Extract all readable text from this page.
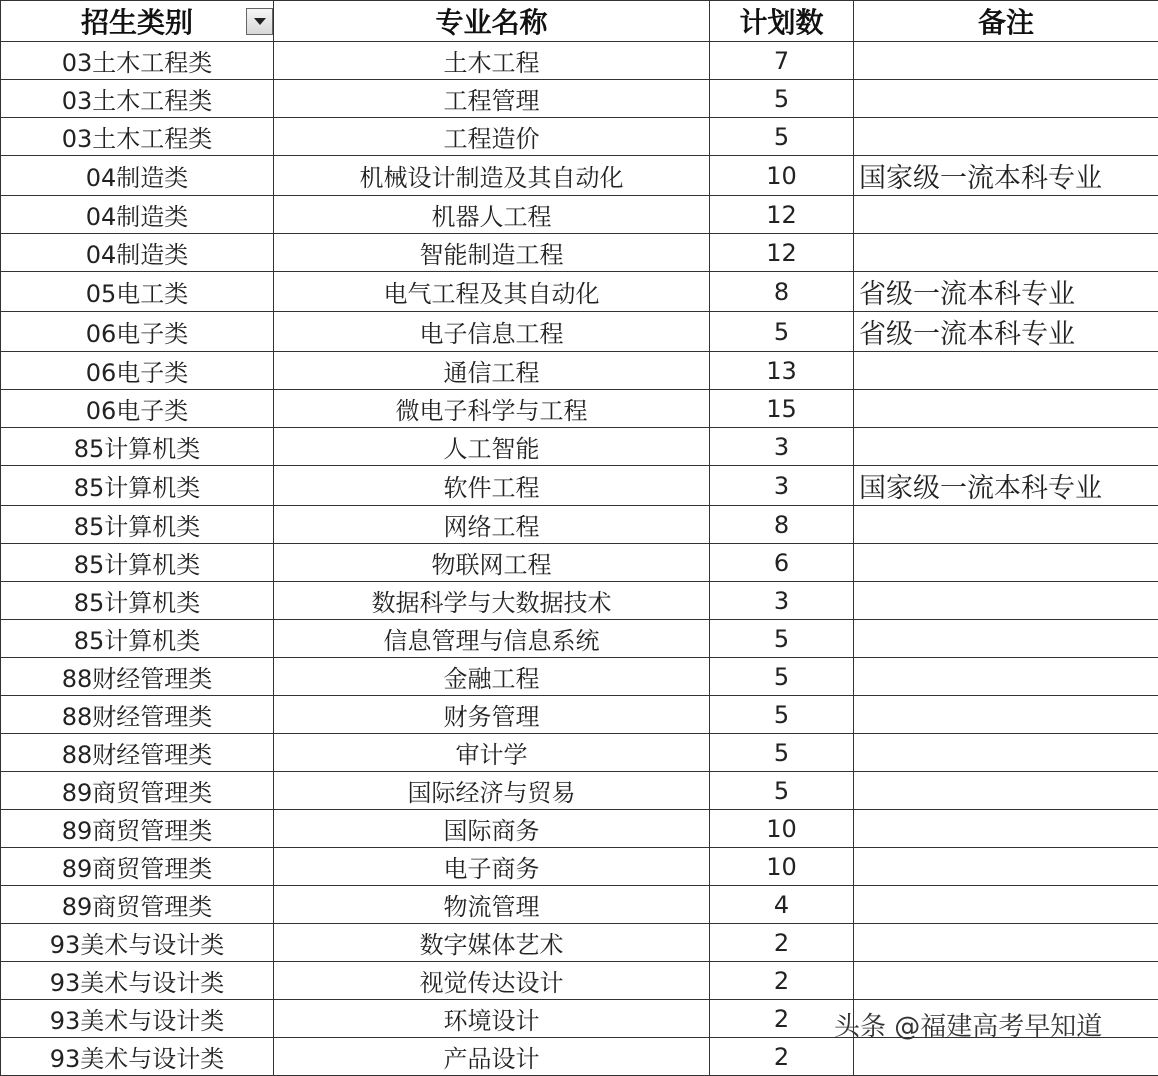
招生类别	专业名称	计划数	备注
03土木工程类	土木工程	7	
03土木工程类	工程管理	5	
03土木工程类	工程造价	5	
04制造类	机械设计制造及其自动化	10	国家级一流本科专业
04制造类	机器人工程	12	
04制造类	智能制造工程	12	
05电工类	电气工程及其自动化	8	省级一流本科专业
06电子类	电子信息工程	5	省级一流本科专业
06电子类	通信工程	13	
06电子类	微电子科学与工程	15	
85计算机类	人工智能	3	
85计算机类	软件工程	3	国家级一流本科专业
85计算机类	网络工程	8	
85计算机类	物联网工程	6	
85计算机类	数据科学与大数据技术	3	
85计算机类	信息管理与信息系统	5	
88财经管理类	金融工程	5	
88财经管理类	财务管理	5	
88财经管理类	审计学	5	
89商贸管理类	国际经济与贸易	5	
89商贸管理类	国际商务	10	
89商贸管理类	电子商务	10	
89商贸管理类	物流管理	4	
93美术与设计类	数字媒体艺术	2	
93美术与设计类	视觉传达设计	2	
93美术与设计类	环境设计	2	
93美术与设计类	产品设计	2	
头条 @福建高考早知道
